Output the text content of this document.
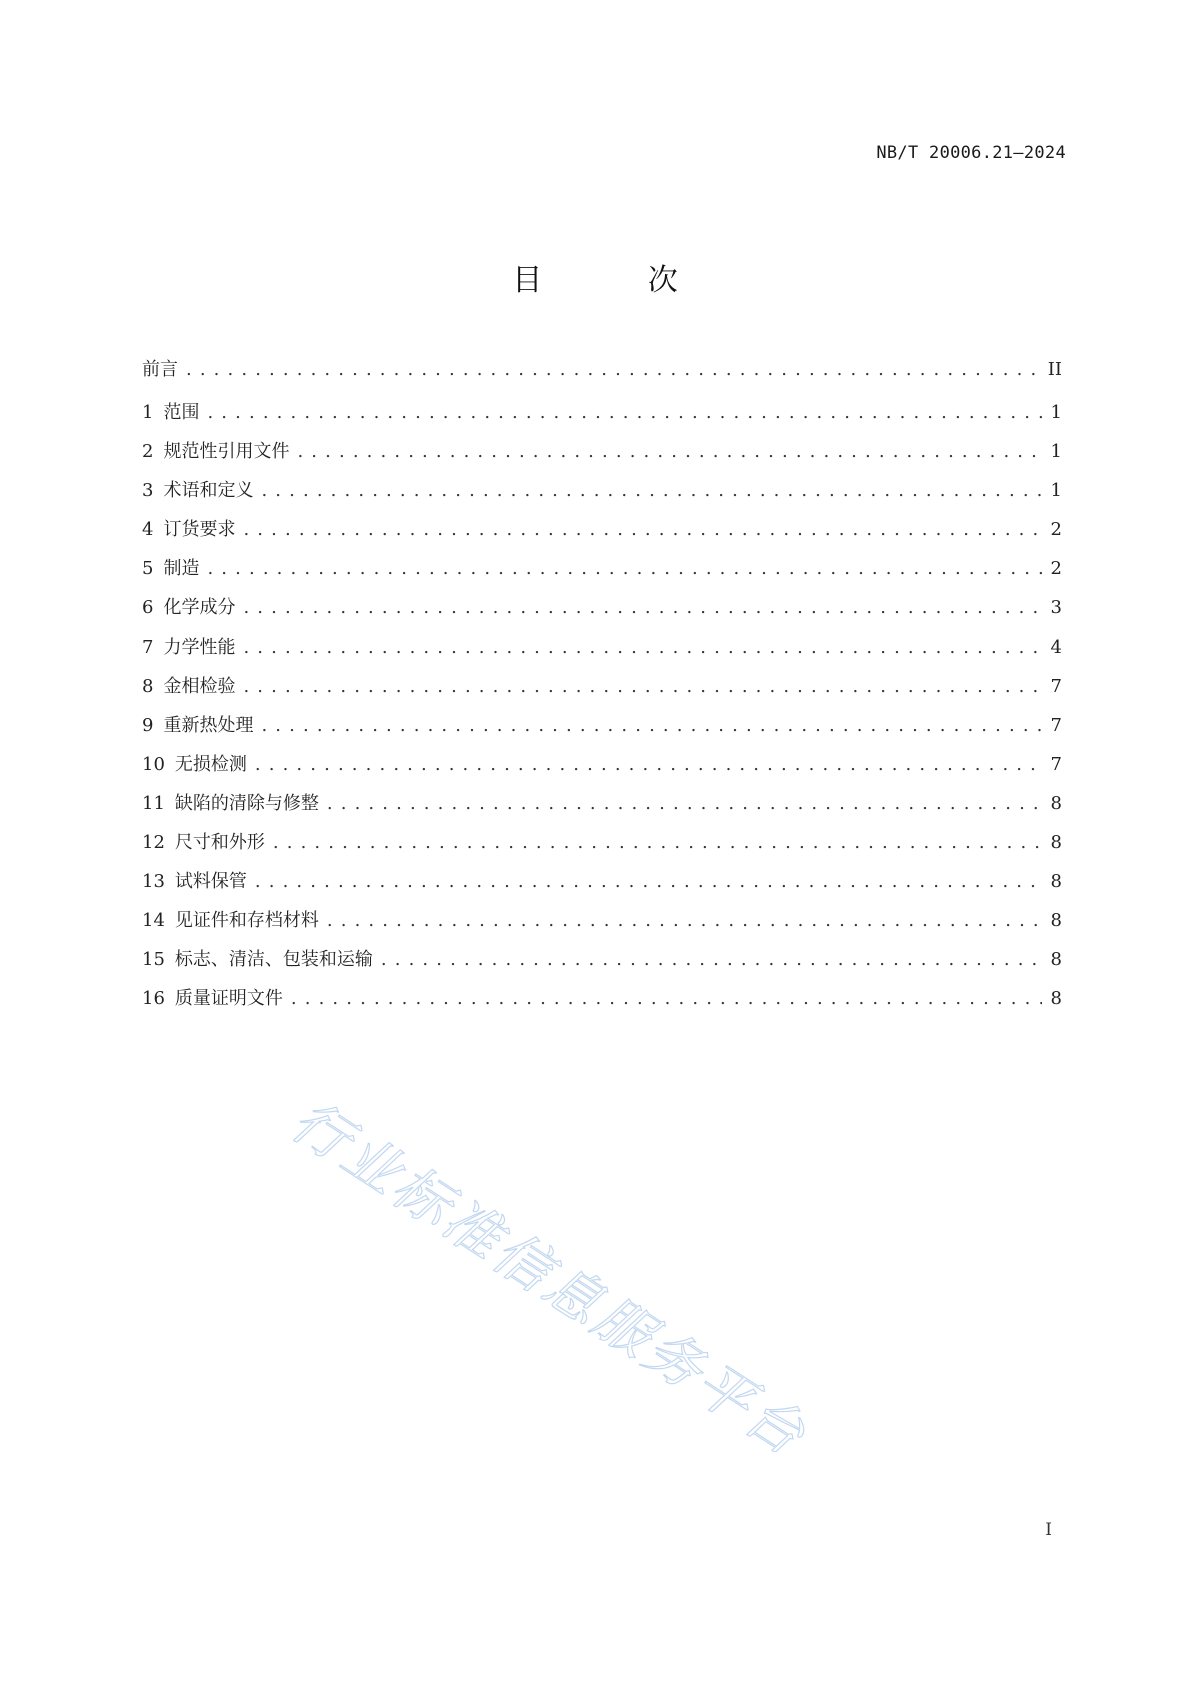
NB/T 20006.21—2024
目 次
前言 . . .	II
1 范围 . . .	1
2 规范性引用文件 . . .	1
3 术语和定义 . . .	1
4 订货要求 . . .	2
5 制造 . . .	2
6 化学成分 . . .	3
7 力学性能 . . .	4
8 金相检验 . . .	7
9 重新热处理 . . .	7
10 无损检测 . . .	7
11 缺陷的清除与修整 . . .	8
12 尺寸和外形 . . .	8
13 试料保管 . . .	8
14 见证件和存档材料 . . .	8
15 标志、清洁、包装和运输 . . .	8
16 质量证明文件 . . .	8
行业标准信息服务平台
I
